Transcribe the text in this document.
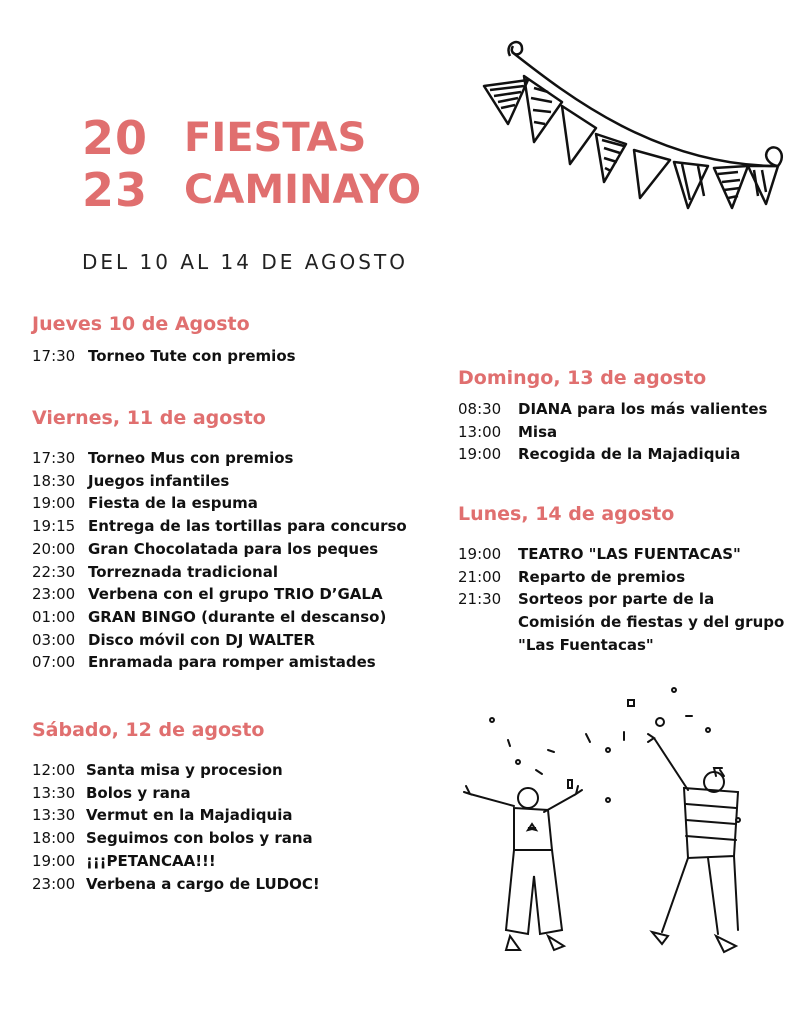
20
23
FIESTAS
CAMINAYO
DEL 10 AL 14 DE AGOSTO
Jueves 10 de Agosto
17:30 Torneo Tute con premios
Viernes, 11 de agosto
17:30 Torneo Mus con premios
18:30 Juegos infantiles
19:00 Fiesta de la espuma
19:15 Entrega de las tortillas para concurso
20:00 Gran Chocolatada para los peques
22:30 Torreznada tradicional
23:00 Verbena con el grupo TRIO D’GALA
01:00 GRAN BINGO (durante el descanso)
03:00 Disco móvil con DJ WALTER
07:00 Enramada para romper amistades
Sábado, 12 de agosto
12:00 Santa misa y procesion
13:30 Bolos y rana
13:30 Vermut en la Majadiquia
18:00 Seguimos con bolos y rana
19:00 ¡¡¡PETANCAA!!!
23:00 Verbena a cargo de LUDOC!
Domingo, 13 de agosto
08:30	DIANA para los más valientes
13:00	Misa
19:00	Recogida de la Majadiquia
Lunes, 14 de agosto
19:00	TEATRO "LAS FUENTACAS"
21:00	Reparto de premios
21:30	Sorteos por parte de la
Comisión de fiestas y del grupo
"Las Fuentacas"
